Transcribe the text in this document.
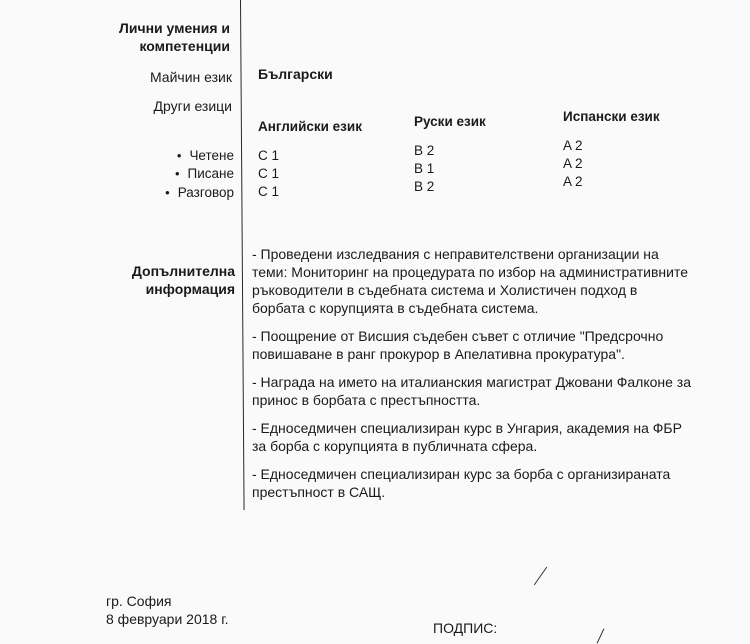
Лични умения и компетенции
Майчин език Български
Други езици
• Четене
• Писане
• Разговор
Английски език
C 1
C 1
C 1
Руски език
B 2
B 1
B 2
Испански език
A 2
A 2
A 2
Допълнителна информация

- Проведени изследвания с неправителствени организации на теми: Мониторинг на процедурата по избор на административните ръководители в съдебната система и Холистичен подход в борбата с корупцията в съдебната система.

- Поощрение от Висшия съдебен съвет с отличие "Предсрочно повишаване в ранг прокурор в Апелативна прокуратура".

- Награда на името на италианския магистрат Джовани Фалконе за принос в борбата с престъпността.

- Едноседмичен специализиран курс в Унгария, академия на ФБР за борба с корупцията в публичната сфера.

- Едноседмичен специализиран курс за борба с организираната престъпност в САЩ.

гр. София
8 февруари 2018 г.
ПОДПИС:
